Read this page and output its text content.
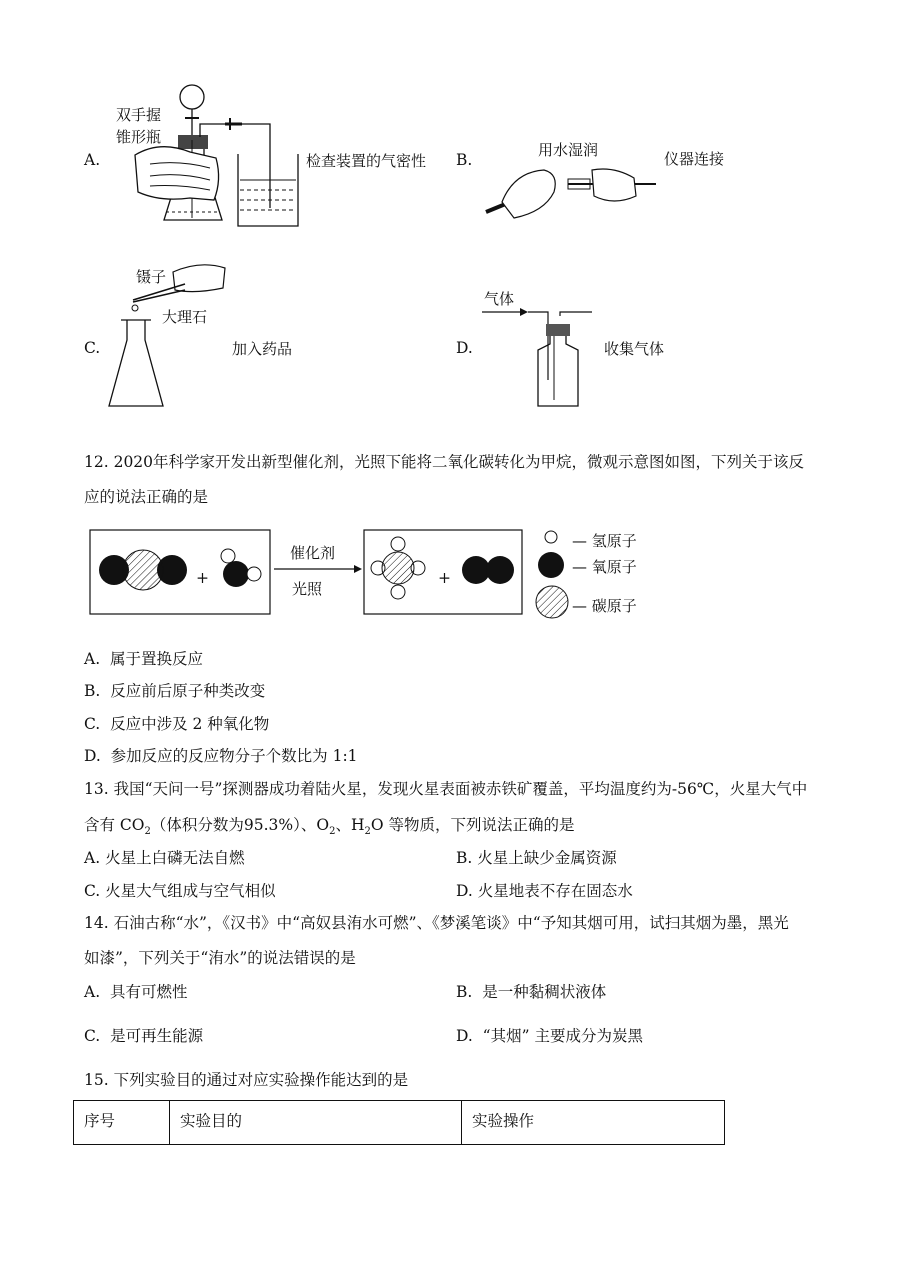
A.
双手握
锥形瓶
检查装置的气密性 B.
用水湿润	仪器连接
C.
镊子
大理石
加入药品	D.
气体
收集气体
12. 2020年科学家开发出新型催化剂，光照下能将二氧化碳转化为甲烷，微观示意图如图，下列关于该反
应的说法正确的是
+
催化剂
光照
+
— 氢原子
— 氧原子
— 碳原子
A. 属于置换反应
B. 反应前后原子种类改变
C. 反应中涉及 2 种氧化物
D. 参加反应的反应物分子个数比为 1:1
13. 我国“天问一号”探测器成功着陆火星，发现火星表面被赤铁矿覆盖，平均温度约为-56℃，火星大气中
含有 $CO_2$（体积分数为95.3%）、$O_2$、$H_2O$ 等物质，下列说法正确的是
A. 火星上白磷无法自燃	B. 火星上缺少金属资源
C. 火星大气组成与空气相似	D. 火星地表不存在固态水
14. 石油古称“水”，《汉书》中“高奴县洧水可燃”、《梦溪笔谈》中“予知其烟可用，试扫其烟为墨，黑光
如漆”，下列关于“洧水”的说法错误的是
A. 具有可燃性	B. 是一种黏稠状液体
C. 是可再生能源	D. “其烟” 主要成分为炭黑
15. 下列实验目的通过对应实验操作能达到的是
序号	实验目的	实验操作
